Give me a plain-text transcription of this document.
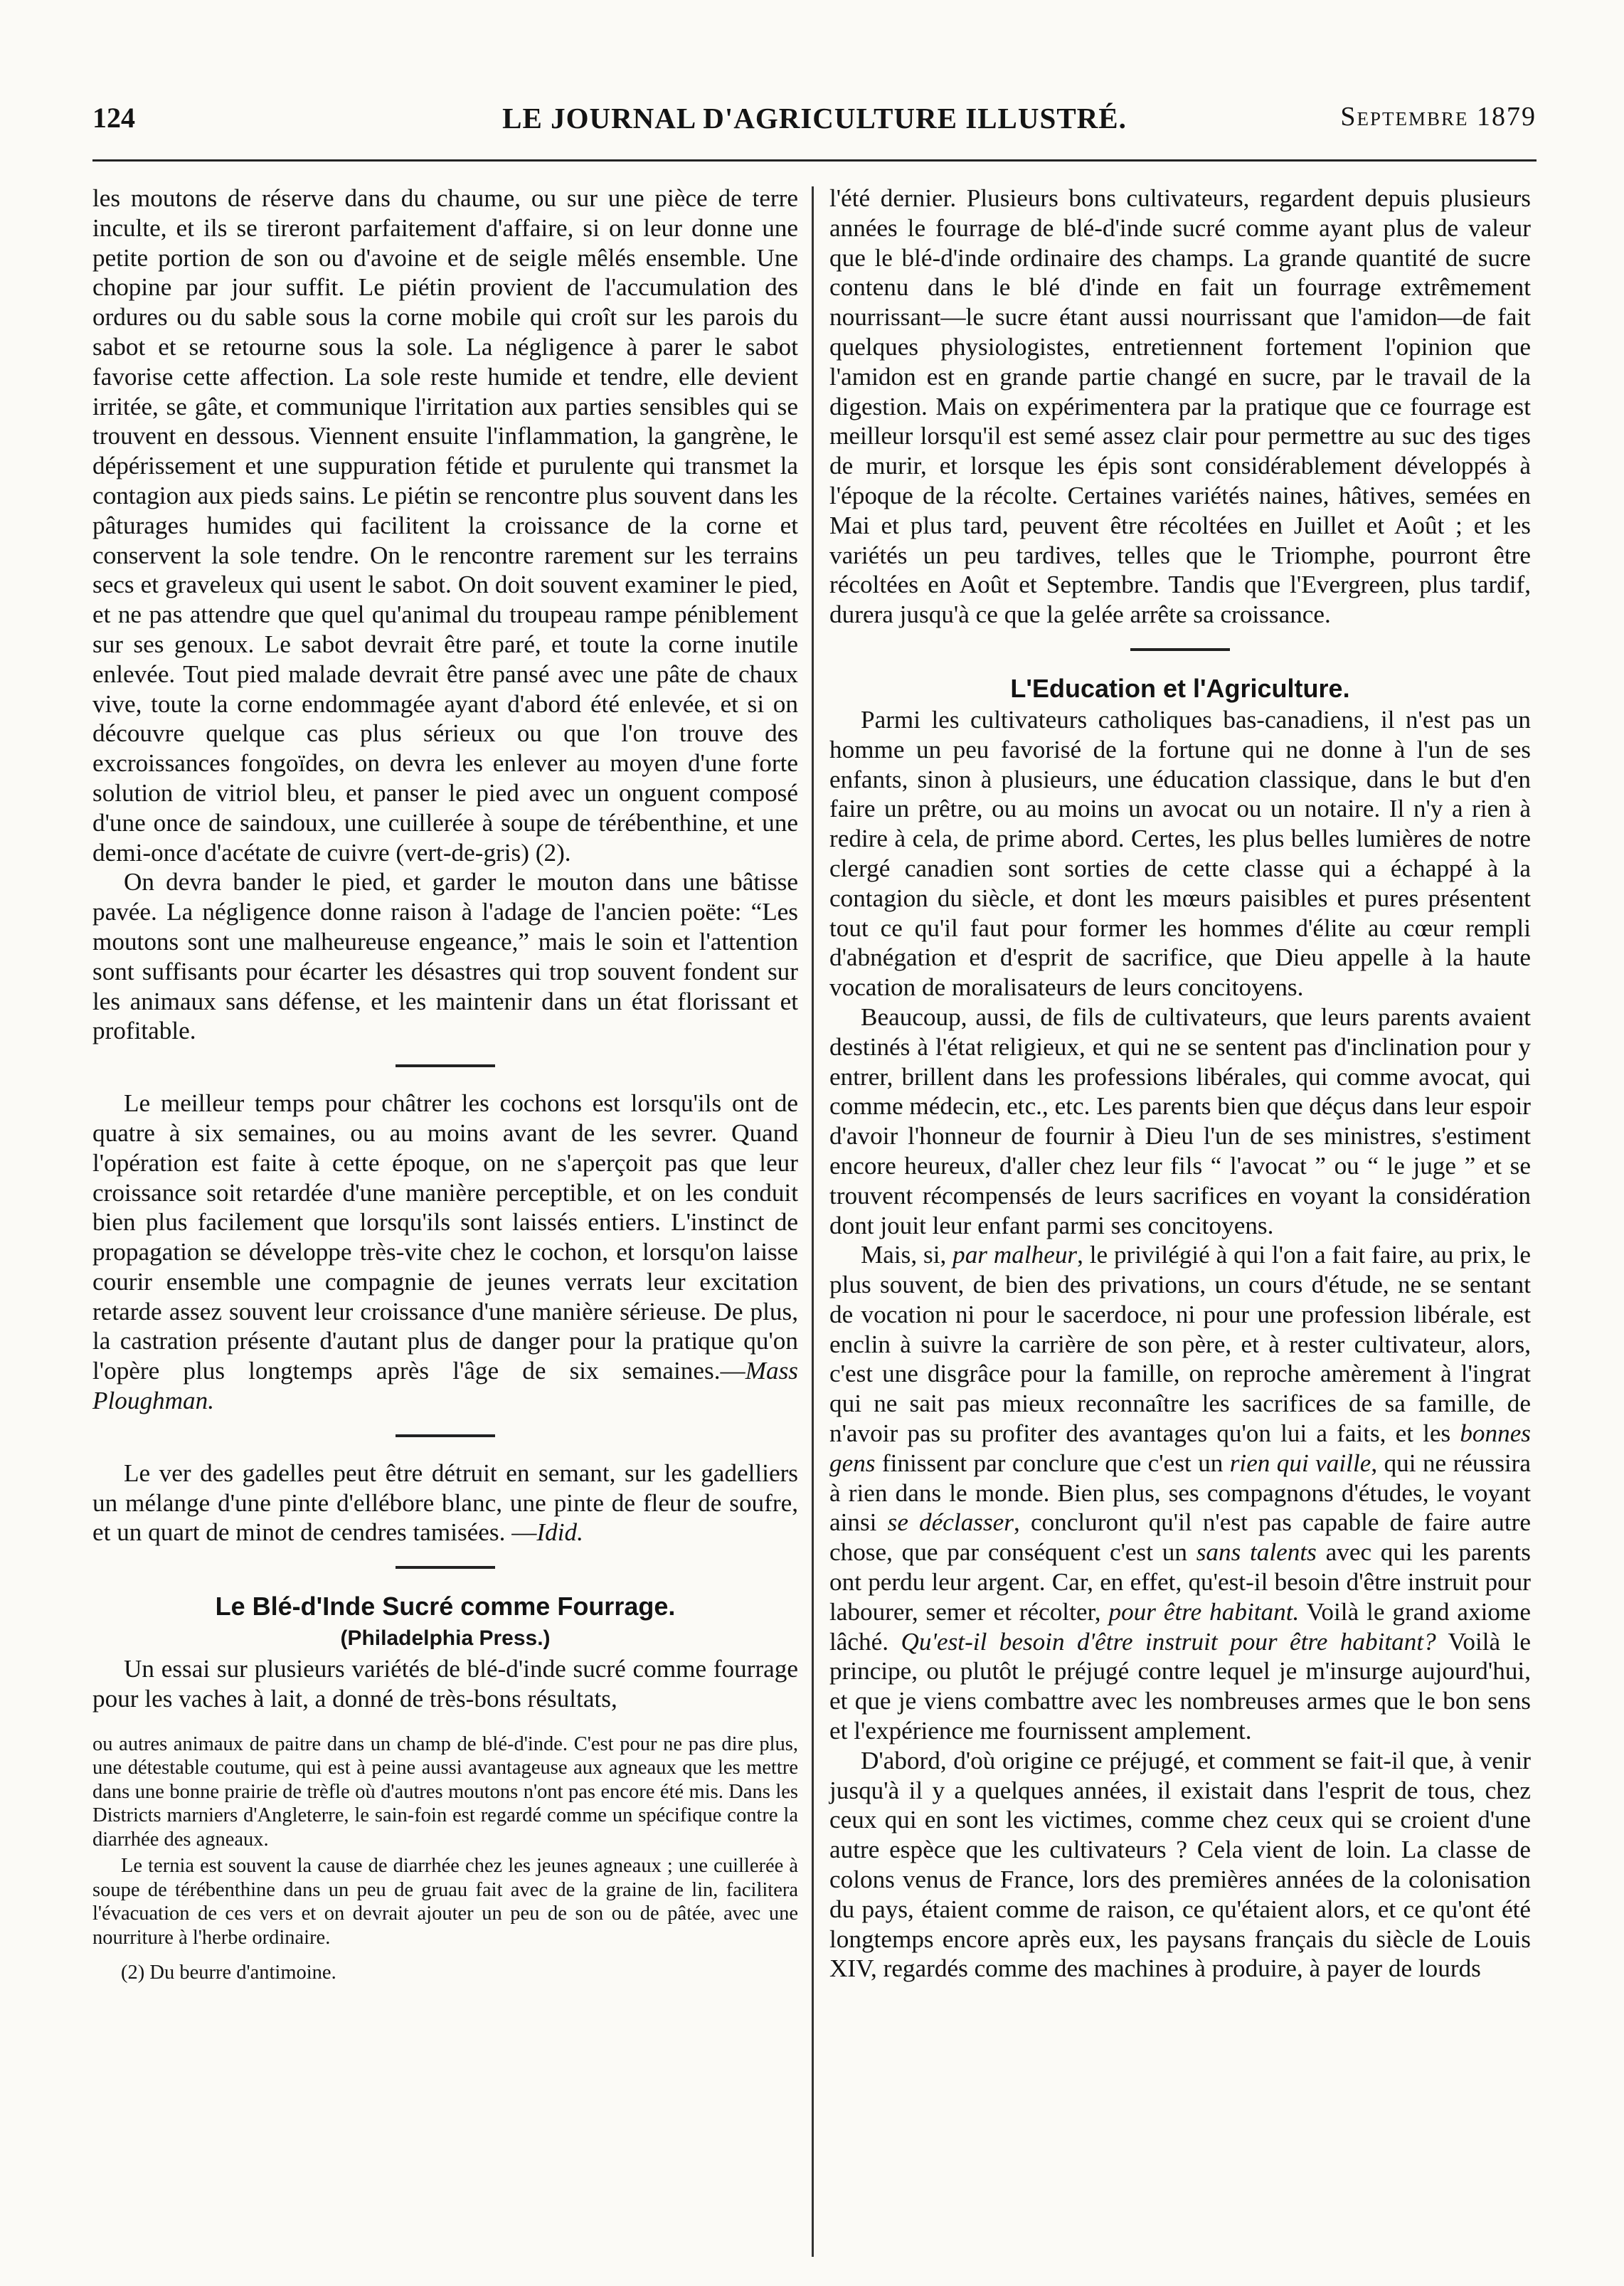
124	LE JOURNAL D'AGRICULTURE ILLUSTRÉ.	Septembre 1879

les moutons de réserve dans du chaume, ou sur une pièce de terre inculte, et ils se tireront parfaitement d'affaire, si on leur donne une petite portion de son ou d'avoine et de seigle mêlés ensemble. Une chopine par jour suffit. Le piétin provient de l'accumulation des ordures ou du sable sous la corne mobile qui croît sur les parois du sabot et se retourne sous la sole. La négligence à parer le sabot favorise cette affection. La sole reste humide et tendre, elle devient irritée, se gâte, et communique l'irritation aux parties sensibles qui se trouvent en dessous. Viennent ensuite l'inflammation, la gangrène, le dépérissement et une suppuration fétide et purulente qui transmet la contagion aux pieds sains. Le piétin se rencontre plus souvent dans les pâturages humides qui facilitent la croissance de la corne et conservent la sole tendre. On le rencontre rarement sur les terrains secs et graveleux qui usent le sabot. On doit souvent examiner le pied, et ne pas attendre que quel qu'animal du troupeau rampe péniblement sur ses genoux. Le sabot devrait être paré, et toute la corne inutile enlevée. Tout pied malade devrait être pansé avec une pâte de chaux vive, toute la corne endommagée ayant d'abord été enlevée, et si on découvre quelque cas plus sérieux ou que l'on trouve des excroissances fongoïdes, on devra les enlever au moyen d'une forte solution de vitriol bleu, et panser le pied avec un onguent composé d'une once de saindoux, une cuillerée à soupe de térébenthine, et une demi-once d'acétate de cuivre (vert-de-gris) (2).

On devra bander le pied, et garder le mouton dans une bâtisse pavée. La négligence donne raison à l'adage de l'ancien poëte: “Les moutons sont une malheureuse engeance,” mais le soin et l'attention sont suffisants pour écarter les désastres qui trop souvent fondent sur les animaux sans défense, et les maintenir dans un état florissant et profitable.

Le meilleur temps pour châtrer les cochons est lorsqu'ils ont de quatre à six semaines, ou au moins avant de les sevrer. Quand l'opération est faite à cette époque, on ne s'aperçoit pas que leur croissance soit retardée d'une manière perceptible, et on les conduit bien plus facilement que lorsqu'ils sont laissés entiers. L'instinct de propagation se développe très-vite chez le cochon, et lorsqu'on laisse courir ensemble une compagnie de jeunes verrats leur excitation retarde assez souvent leur croissance d'une manière sérieuse. De plus, la castration présente d'autant plus de danger pour la pratique qu'on l'opère plus longtemps après l'âge de six semaines.—Mass Ploughman.

Le ver des gadelles peut être détruit en semant, sur les gadelliers un mélange d'une pinte d'ellébore blanc, une pinte de fleur de soufre, et un quart de minot de cendres tamisées. —Idid.

Le Blé-d'Inde Sucré comme Fourrage.

(Philadelphia Press.)

Un essai sur plusieurs variétés de blé-d'inde sucré comme fourrage pour les vaches à lait, a donné de très-bons résultats,

ou autres animaux de paitre dans un champ de blé-d'inde. C'est pour ne pas dire plus, une détestable coutume, qui est à peine aussi avantageuse aux agneaux que les mettre dans une bonne prairie de trèfle où d'autres moutons n'ont pas encore été mis. Dans les Districts marniers d'Angleterre, le sain-foin est regardé comme un spécifique contre la diarrhée des agneaux.

Le ternia est souvent la cause de diarrhée chez les jeunes agneaux ; une cuillerée à soupe de térébenthine dans un peu de gruau fait avec de la graine de lin, facilitera l'évacuation de ces vers et on devrait ajouter un peu de son ou de pâtée, avec une nourriture à l'herbe ordinaire.

(2) Du beurre d'antimoine.

l'été dernier. Plusieurs bons cultivateurs, regardent depuis plusieurs années le fourrage de blé-d'inde sucré comme ayant plus de valeur que le blé-d'inde ordinaire des champs. La grande quantité de sucre contenu dans le blé d'inde en fait un fourrage extrêmement nourrissant—le sucre étant aussi nourrissant que l'amidon—de fait quelques physiologistes, entretiennent fortement l'opinion que l'amidon est en grande partie changé en sucre, par le travail de la digestion. Mais on expérimentera par la pratique que ce fourrage est meilleur lorsqu'il est semé assez clair pour permettre au suc des tiges de murir, et lorsque les épis sont considérablement développés à l'époque de la récolte. Certaines variétés naines, hâtives, semées en Mai et plus tard, peuvent être récoltées en Juillet et Août ; et les variétés un peu tardives, telles que le Triomphe, pourront être récoltées en Août et Septembre. Tandis que l'Evergreen, plus tardif, durera jusqu'à ce que la gelée arrête sa croissance.

L'Education et l'Agriculture.

Parmi les cultivateurs catholiques bas-canadiens, il n'est pas un homme un peu favorisé de la fortune qui ne donne à l'un de ses enfants, sinon à plusieurs, une éducation classique, dans le but d'en faire un prêtre, ou au moins un avocat ou un notaire. Il n'y a rien à redire à cela, de prime abord. Certes, les plus belles lumières de notre clergé canadien sont sorties de cette classe qui a échappé à la contagion du siècle, et dont les mœurs paisibles et pures présentent tout ce qu'il faut pour former les hommes d'élite au cœur rempli d'abnégation et d'esprit de sacrifice, que Dieu appelle à la haute vocation de moralisateurs de leurs concitoyens.

Beaucoup, aussi, de fils de cultivateurs, que leurs parents avaient destinés à l'état religieux, et qui ne se sentent pas d'inclination pour y entrer, brillent dans les professions libérales, qui comme avocat, qui comme médecin, etc., etc. Les parents bien que déçus dans leur espoir d'avoir l'honneur de fournir à Dieu l'un de ses ministres, s'estiment encore heureux, d'aller chez leur fils “ l'avocat ” ou “ le juge ” et se trouvent récompensés de leurs sacrifices en voyant la considération dont jouit leur enfant parmi ses concitoyens.

Mais, si, par malheur, le privilégié à qui l'on a fait faire, au prix, le plus souvent, de bien des privations, un cours d'étude, ne se sentant de vocation ni pour le sacerdoce, ni pour une profession libérale, est enclin à suivre la carrière de son père, et à rester cultivateur, alors, c'est une disgrâce pour la famille, on reproche amèrement à l'ingrat qui ne sait pas mieux reconnaître les sacrifices de sa famille, de n'avoir pas su profiter des avantages qu'on lui a faits, et les bonnes gens finissent par conclure que c'est un rien qui vaille, qui ne réussira à rien dans le monde. Bien plus, ses compagnons d'études, le voyant ainsi se déclasser, concluront qu'il n'est pas capable de faire autre chose, que par conséquent c'est un sans talents avec qui les parents ont perdu leur argent. Car, en effet, qu'est-il besoin d'être instruit pour labourer, semer et récolter, pour être habitant. Voilà le grand axiome lâché. Qu'est-il besoin d'être instruit pour être habitant? Voilà le principe, ou plutôt le préjugé contre lequel je m'insurge aujourd'hui, et que je viens combattre avec les nombreuses armes que le bon sens et l'expérience me fournissent amplement.

D'abord, d'où origine ce préjugé, et comment se fait-il que, à venir jusqu'à il y a quelques années, il existait dans l'esprit de tous, chez ceux qui en sont les victimes, comme chez ceux qui se croient d'une autre espèce que les cultivateurs ? Cela vient de loin. La classe de colons venus de France, lors des premières années de la colonisation du pays, étaient comme de raison, ce qu'étaient alors, et ce qu'ont été longtemps encore après eux, les paysans français du siècle de Louis XIV, regardés comme des machines à produire, à payer de lourds
